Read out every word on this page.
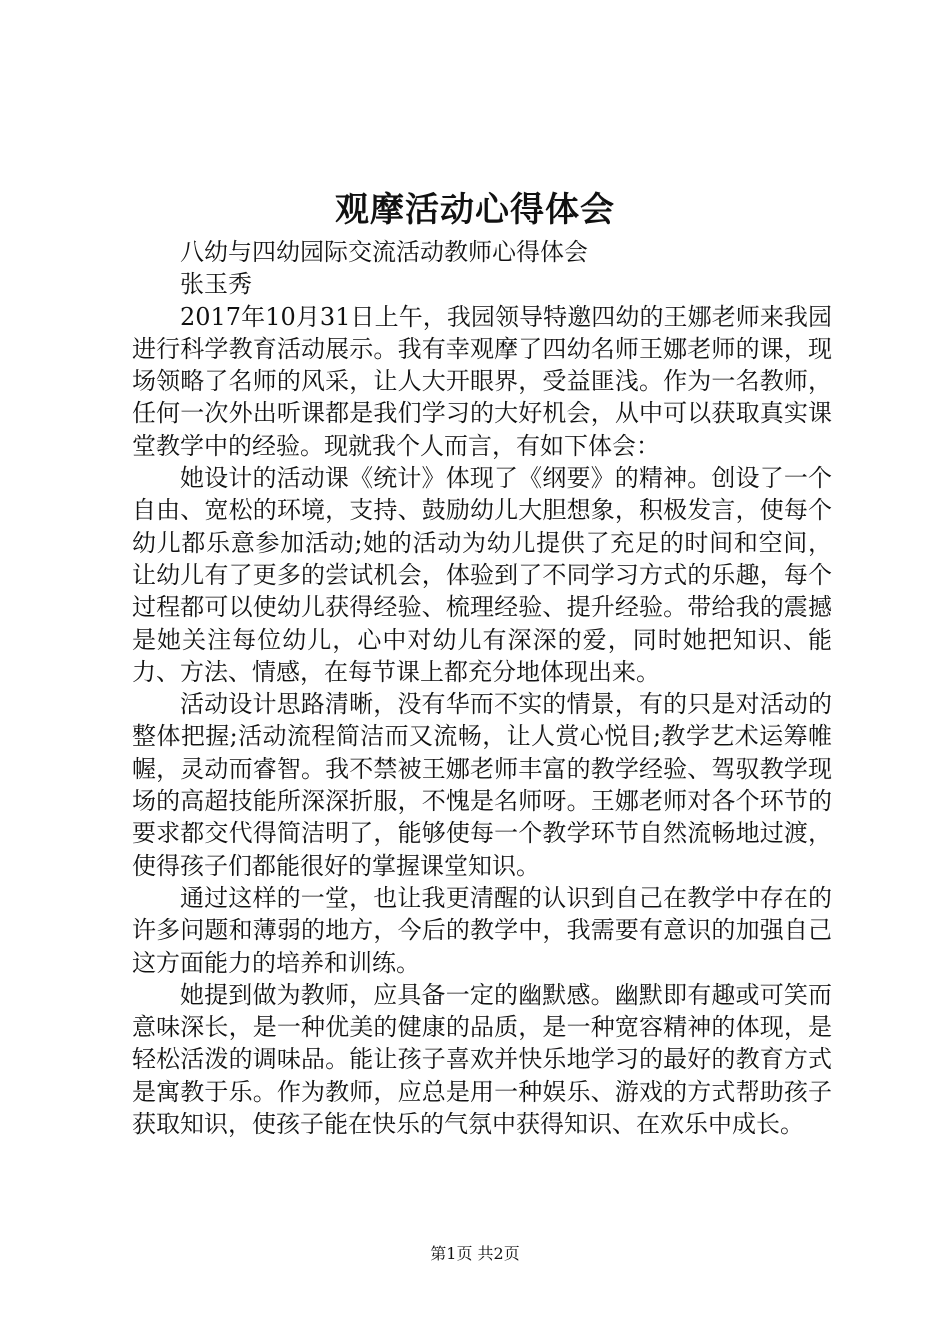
观摩活动心得体会

八幼与四幼园际交流活动教师心得体会

张玉秀

2017年10月31日上午，我园领导特邀四幼的王娜老师来我园进行科学教育活动展示。我有幸观摩了四幼名师王娜老师的课，现场领略了名师的风采，让人大开眼界，受益匪浅。作为一名教师，任何一次外出听课都是我们学习的大好机会，从中可以获取真实课堂教学中的经验。现就我个人而言，有如下体会：

她设计的活动课《统计》体现了《纲要》的精神。创设了一个自由、宽松的环境，支持、鼓励幼儿大胆想象，积极发言，使每个幼儿都乐意参加活动;她的活动为幼儿提供了充足的时间和空间，让幼儿有了更多的尝试机会，体验到了不同学习方式的乐趣，每个过程都可以使幼儿获得经验、梳理经验、提升经验。带给我的震撼是她关注每位幼儿，心中对幼儿有深深的爱，同时她把知识、能力、方法、情感，在每节课上都充分地体现出来。

活动设计思路清晰，没有华而不实的情景，有的只是对活动的整体把握;活动流程简洁而又流畅，让人赏心悦目;教学艺术运筹帷幄，灵动而睿智。我不禁被王娜老师丰富的教学经验、驾驭教学现场的高超技能所深深折服，不愧是名师呀。王娜老师对各个环节的要求都交代得简洁明了，能够使每一个教学环节自然流畅地过渡，使得孩子们都能很好的掌握课堂知识。

通过这样的一堂，也让我更清醒的认识到自己在教学中存在的许多问题和薄弱的地方，今后的教学中，我需要有意识的加强自己这方面能力的培养和训练。

她提到做为教师，应具备一定的幽默感。幽默即有趣或可笑而意味深长，是一种优美的健康的品质，是一种宽容精神的体现，是轻松活泼的调味品。能让孩子喜欢并快乐地学习的最好的教育方式是寓教于乐。作为教师，应总是用一种娱乐、游戏的方式帮助孩子获取知识，使孩子能在快乐的气氛中获得知识、在欢乐中成长。

第1页 共2页
